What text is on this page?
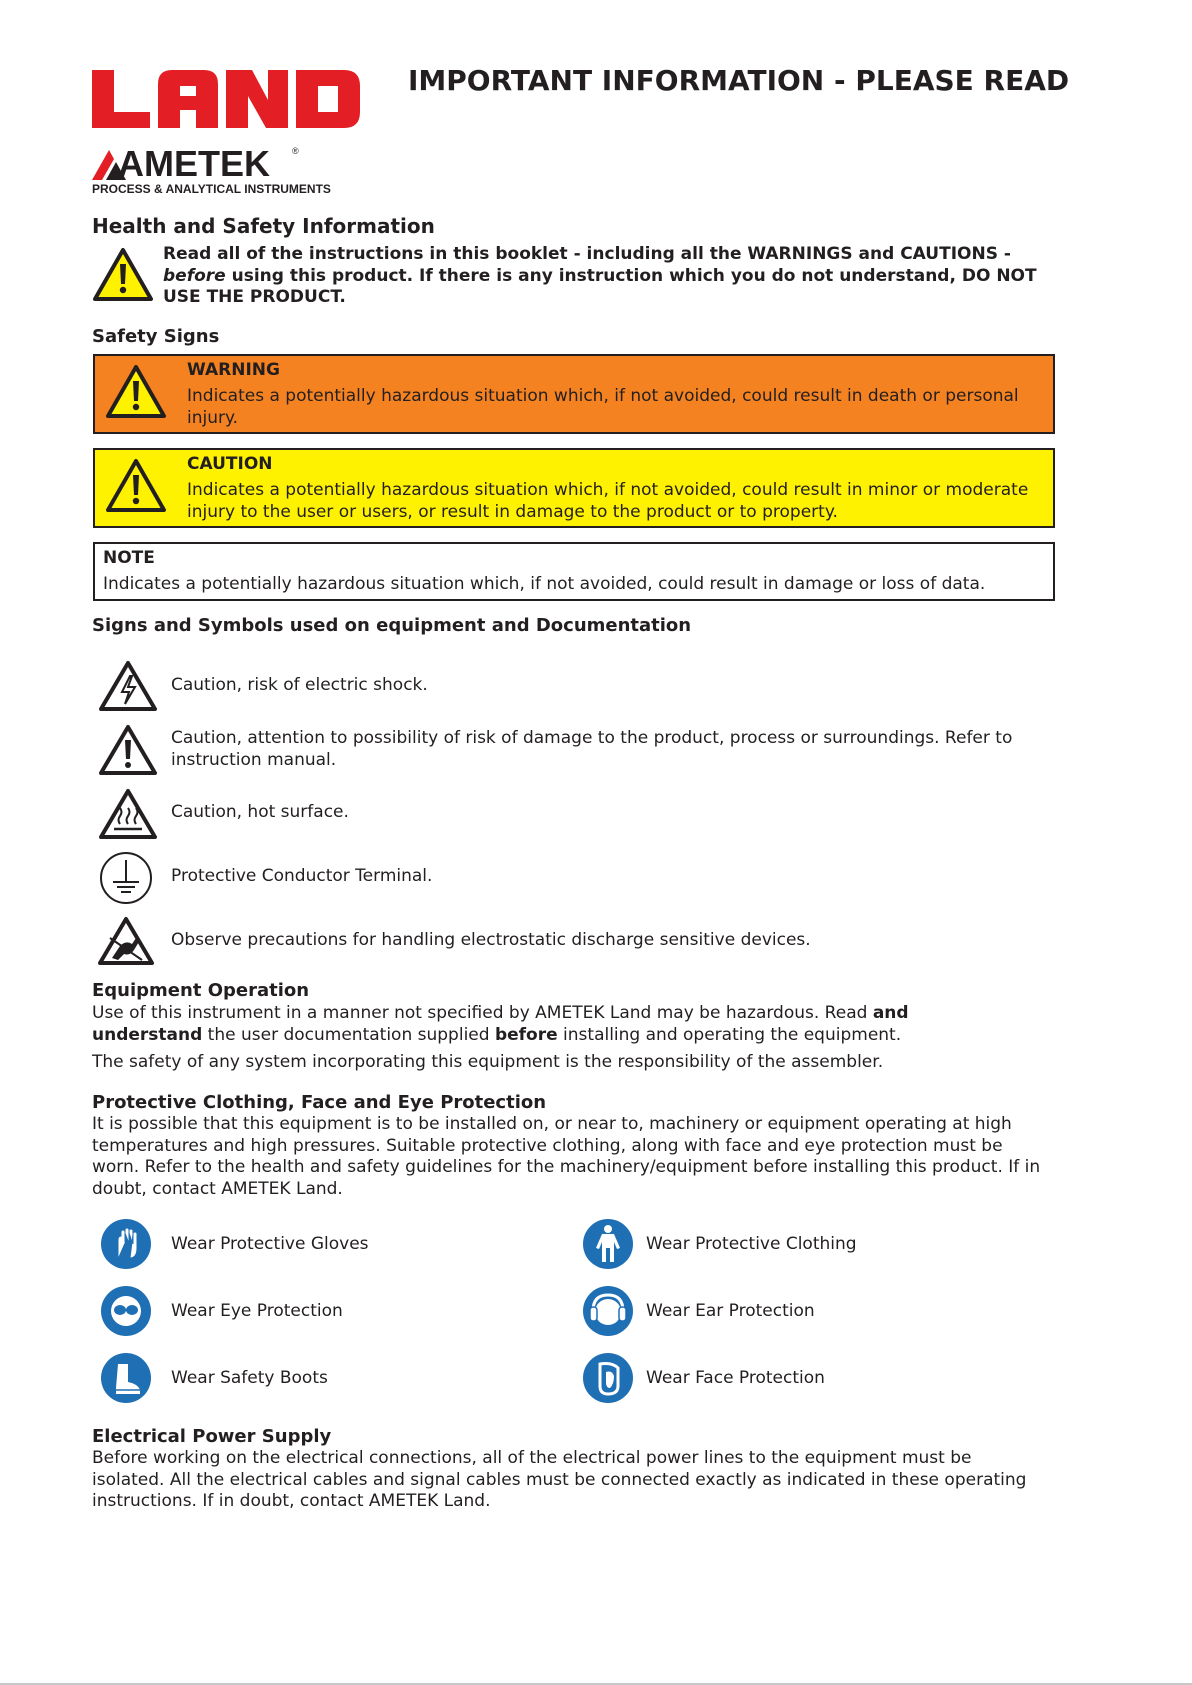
AMETEK ®
PROCESS & ANALYTICAL INSTRUMENTS
IMPORTANT INFORMATION - PLEASE READ
Health and Safety Information
Read all of the instructions in this booklet - including all the WARNINGS and CAUTIONS - before using this product. If there is any instruction which you do not understand, DO NOT USE THE PRODUCT.
Safety Signs
WARNING
Indicates a potentially hazardous situation which, if not avoided, could result in death or personal injury.
CAUTION
Indicates a potentially hazardous situation which, if not avoided, could result in minor or moderate injury to the user or users, or result in damage to the product or to property.
NOTE
Indicates a potentially hazardous situation which, if not avoided, could result in damage or loss of data.
Signs and Symbols used on equipment and Documentation
Caution, risk of electric shock.
Caution, attention to possibility of risk of damage to the product, process or surroundings. Refer to instruction manual.
Caution, hot surface.
Protective Conductor Terminal.
Observe precautions for handling electrostatic discharge sensitive devices.
Equipment Operation
Use of this instrument in a manner not specified by AMETEK Land may be hazardous. Read and understand the user documentation supplied before installing and operating the equipment.
The safety of any system incorporating this equipment is the responsibility of the assembler.
Protective Clothing, Face and Eye Protection
It is possible that this equipment is to be installed on, or near to, machinery or equipment operating at high temperatures and high pressures. Suitable protective clothing, along with face and eye protection must be worn. Refer to the health and safety guidelines for the machinery/equipment before installing this product. If in doubt, contact AMETEK Land.
Wear Protective Gloves	Wear Protective Clothing
Wear Eye Protection	Wear Ear Protection
Wear Safety Boots	Wear Face Protection
Electrical Power Supply
Before working on the electrical connections, all of the electrical power lines to the equipment must be isolated. All the electrical cables and signal cables must be connected exactly as indicated in these operating instructions. If in doubt, contact AMETEK Land.
